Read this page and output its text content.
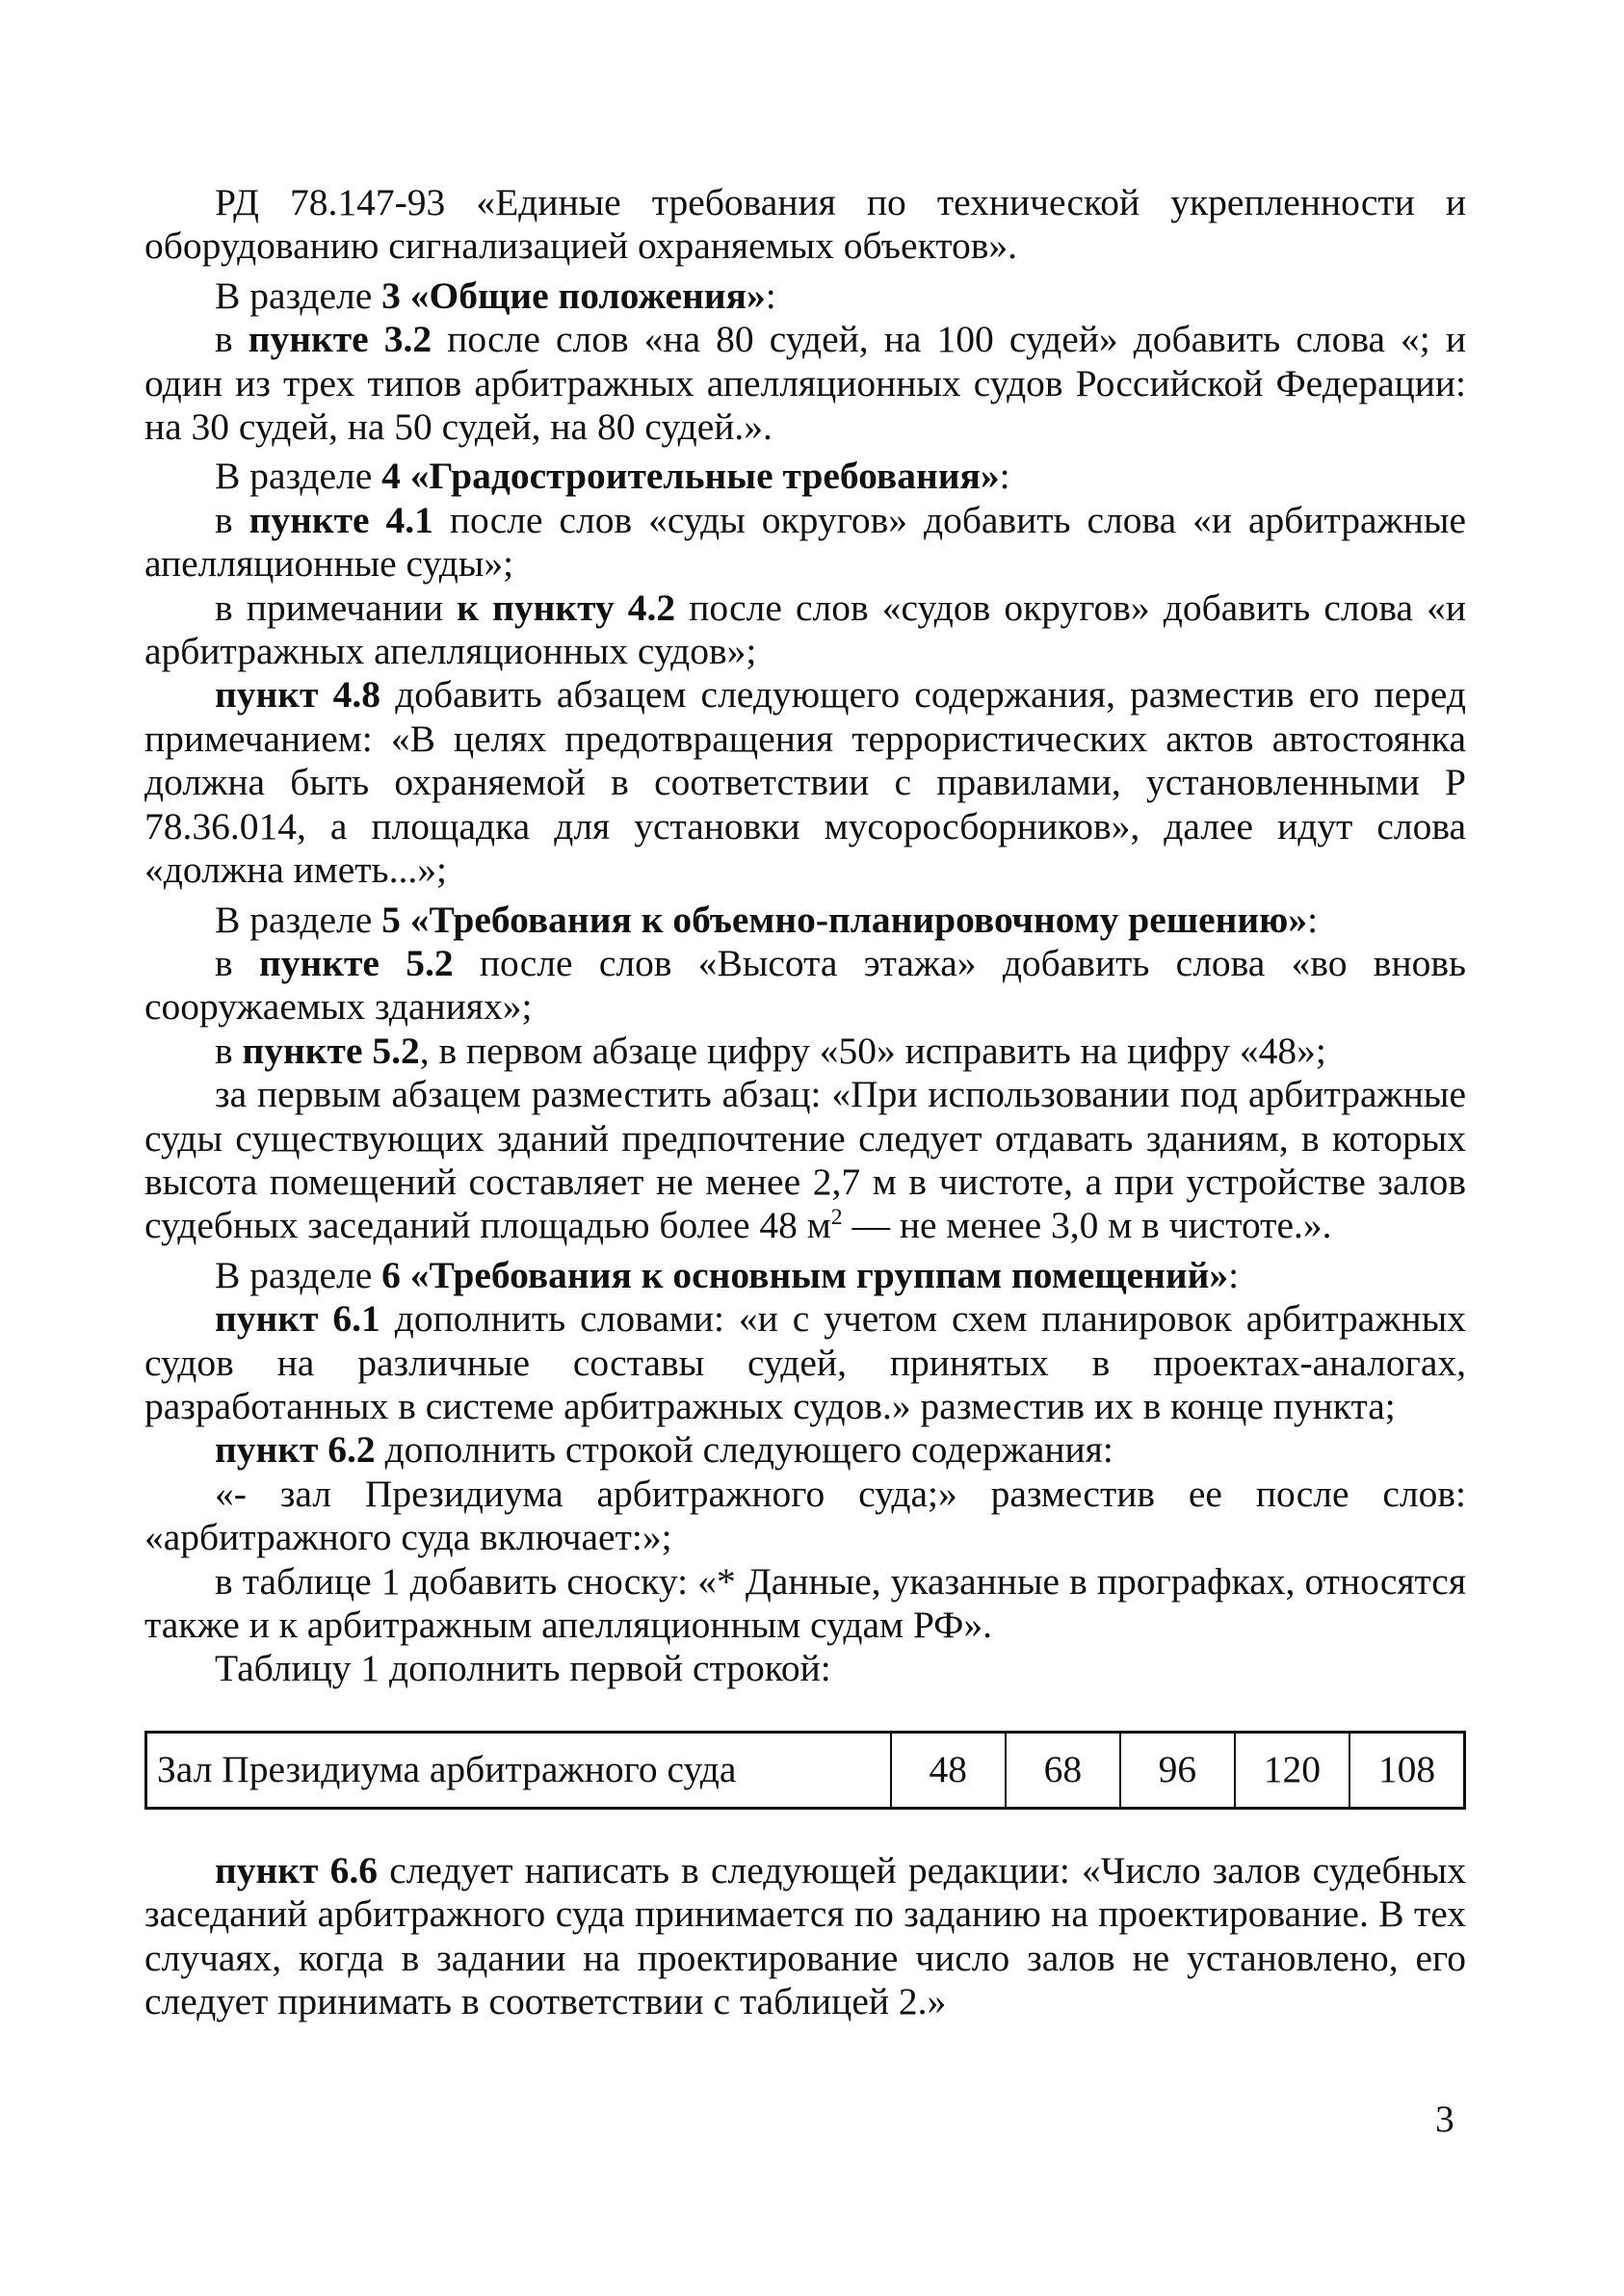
РД 78.147-93 «Единые требования по технической укрепленности и оборудованию сигнализацией охраняемых объектов».

В разделе 3 «Общие положения»:

в пункте 3.2 после слов «на 80 судей, на 100 судей» добавить слова «; и один из трех типов арбитражных апелляционных судов Российской Федерации: на 30 судей, на 50 судей, на 80 судей.».

В разделе 4 «Градостроительные требования»:

в пункте 4.1 после слов «суды округов» добавить слова «и арбитражные апелляционные суды»;

в примечании к пункту 4.2 после слов «судов округов» добавить слова «и арбитражных апелляционных судов»;

пункт 4.8 добавить абзацем следующего содержания, разместив его перед примечанием: «В целях предотвращения террористических актов автостоянка должна быть охраняемой в соответствии с правилами, установленными Р 78.36.014, а площадка для установки мусоросборников», далее идут слова «должна иметь...»;

В разделе 5 «Требования к объемно-планировочному решению»:

в пункте 5.2 после слов «Высота этажа» добавить слова «во вновь сооружаемых зданиях»;

в пункте 5.2, в первом абзаце цифру «50» исправить на цифру «48»;

за первым абзацем разместить абзац: «При использовании под арбитражные суды существующих зданий предпочтение следует отдавать зданиям, в которых высота помещений составляет не менее 2,7 м в чистоте, а при устройстве залов судебных заседаний площадью более 48 $м^2$ — не менее 3,0 м в чистоте.».

В разделе 6 «Требования к основным группам помещений»:

пункт 6.1 дополнить словами: «и с учетом схем планировок арбитражных судов на различные составы судей, принятых в проектах-аналогах, разработанных в системе арбитражных судов.» разместив их в конце пункта;

пункт 6.2 дополнить строкой следующего содержания:

«- зал Президиума арбитражного суда;» разместив ее после слов: «арбитражного суда включает:»;

в таблице 1 добавить сноску: «* Данные, указанные в прографках, относятся также и к арбитражным апелляционным судам РФ».

Таблицу 1 дополнить первой строкой:

Зал Президиума арбитражного суда	48	68	96	120	108

пункт 6.6 следует написать в следующей редакции: «Число залов судебных заседаний арбитражного суда принимается по заданию на проектирование. В тех случаях, когда в задании на проектирование число залов не установлено, его следует принимать в соответствии с таблицей 2.»

3
